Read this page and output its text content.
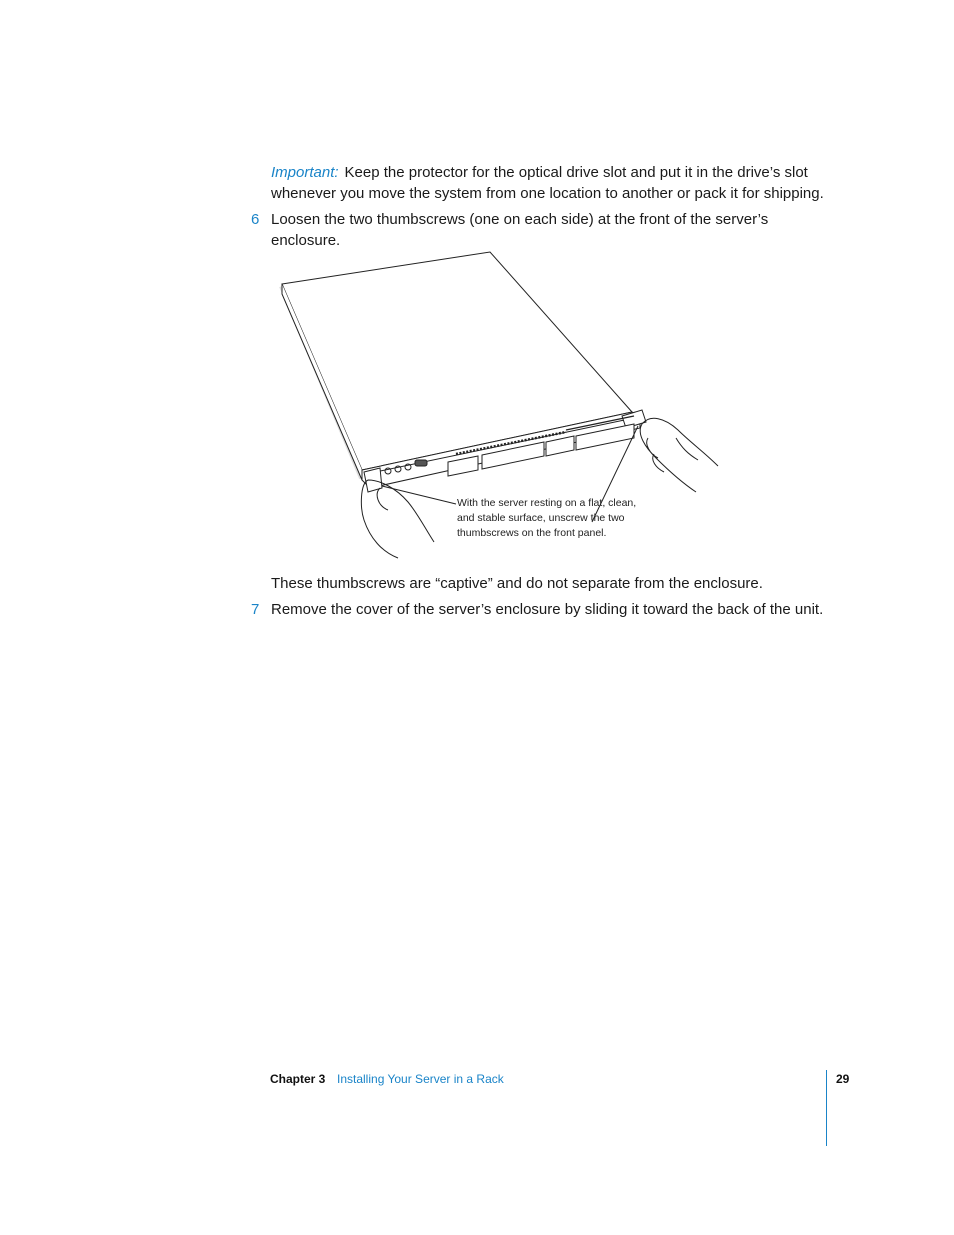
Important: Keep the protector for the optical drive slot and put it in the drive’s slot whenever you move the system from one location to another or pack it for shipping.
6 Loosen the two thumbscrews (one on each side) at the front of the server’s enclosure.
With the server resting on a flat, clean,
and stable surface, unscrew the two
thumbscrews on the front panel.
These thumbscrews are “captive” and do not separate from the enclosure.
7 Remove the cover of the server’s enclosure by sliding it toward the back of the unit.
Chapter 3 Installing Your Server in a Rack	29
